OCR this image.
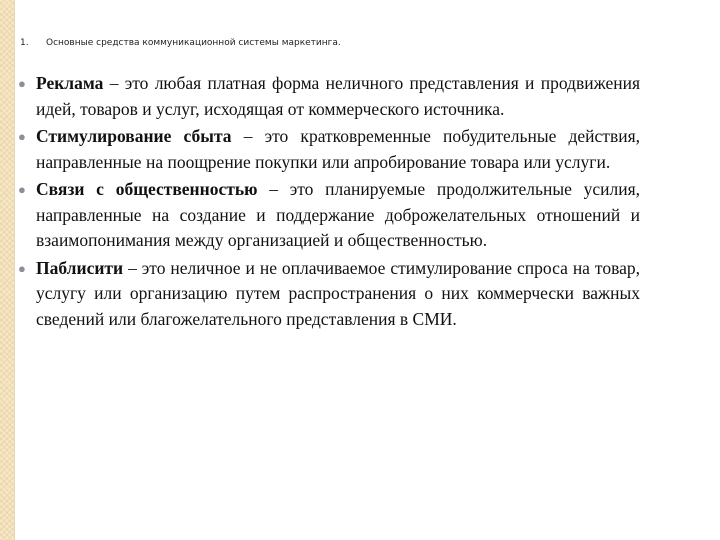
1.	Основные средства коммуникационной системы маркетинга.
● Реклама – это любая платная форма неличного представления и продвижения идей, товаров и услуг, исходящая от коммерческого источника.
● Стимулирование сбыта – это кратковременные побудительные действия, направленные на поощрение покупки или апробирование товара или услуги.
● Связи с общественностью – это планируемые продолжительные усилия, направленные на создание и поддержание доброжелательных отношений и взаимопонимания между организацией и общественностью.
● Паблисити – это неличное и не оплачиваемое стимулирование спроса на товар, услугу или организацию путем распространения о них коммерчески важных сведений или благожелательного представления в СМИ.
